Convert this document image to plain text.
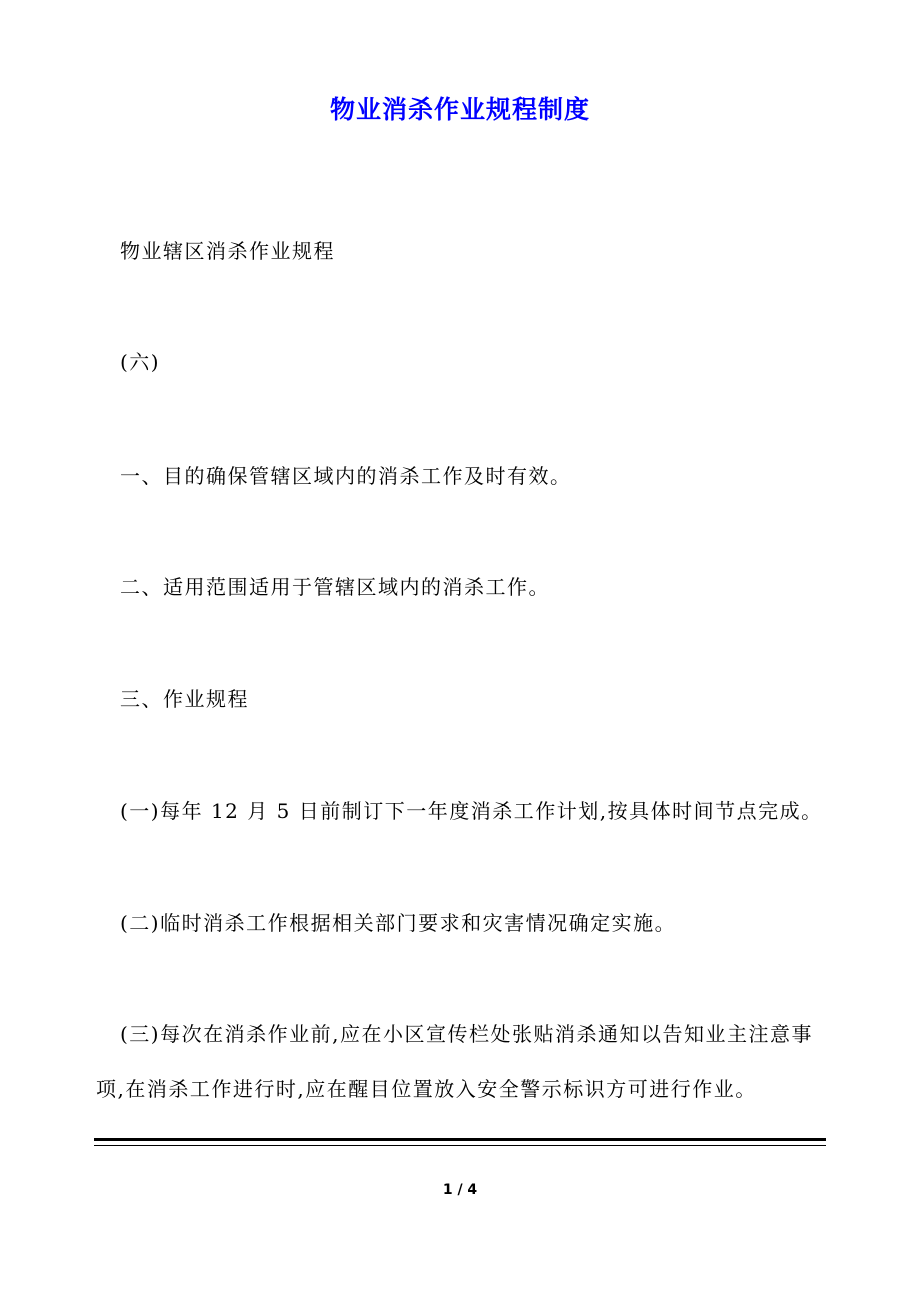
物业消杀作业规程制度
物业辖区消杀作业规程
(六)
一、目的确保管辖区域内的消杀工作及时有效。
二、适用范围适用于管辖区域内的消杀工作。
三、作业规程
(一)每年 12 月 5 日前制订下一年度消杀工作计划,按具体时间节点完成。
(二)临时消杀工作根据相关部门要求和灾害情况确定实施。
(三)每次在消杀作业前,应在小区宣传栏处张贴消杀通知以告知业主注意事项,在消杀工作进行时,应在醒目位置放入安全警示标识方可进行作业。
1 / 4
